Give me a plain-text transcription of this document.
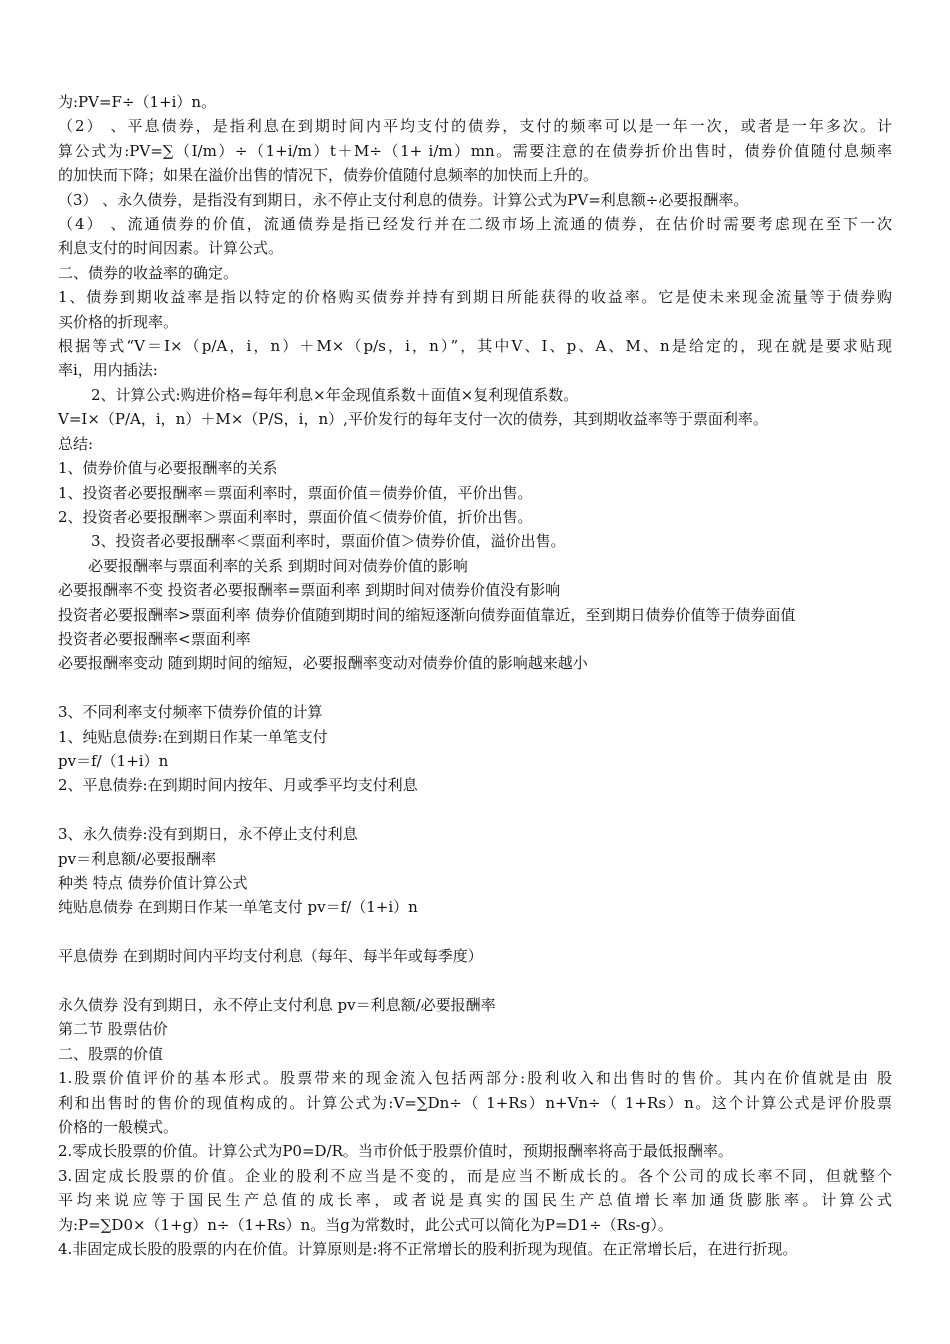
为:PV=F÷（1+i）n。
（2） 、平息债券，是指利息在到期时间内平均支付的债券，支付的频率可以是一年一次，或者是一年多次。计
算公式为:PV=∑（I/m）÷（1+i/m）t＋M÷（1+ i/m）mn。需要注意的在债券折价出售时，债券价值随付息频率
的加快而下降；如果在溢价出售的情况下，债券价值随付息频率的加快而上升的。
（3） 、永久债券，是指没有到期日，永不停止支付利息的债券。计算公式为PV=利息额÷必要报酬率。
（4） 、流通债券的价值，流通债券是指已经发行并在二级市场上流通的债券，在估价时需要考虑现在至下一次
利息支付的时间因素。计算公式。
二、债券的收益率的确定。
1、债券到期收益率是指以特定的价格购买债券并持有到期日所能获得的收益率。它是使未来现金流量等于债券购
买价格的折现率。
根据等式“V＝I×（p/A，i，n）＋M×（p/s，i，n）”，其中V、I、p、A、M、n是给定的，现在就是要求贴现
率i，用内插法:
2、计算公式:购进价格=每年利息×年金现值系数＋面值×复利现值系数。
V=I×（P/A，i，n）＋M×（P/S，i，n）,平价发行的每年支付一次的债券，其到期收益率等于票面利率。
总结:
1、债券价值与必要报酬率的关系
1、投资者必要报酬率＝票面利率时，票面价值＝债券价值，平价出售。
2、投资者必要报酬率＞票面利率时，票面价值＜债券价值，折价出售。
3、投资者必要报酬率＜票面利率时，票面价值＞债券价值，溢价出售。
必要报酬率与票面利率的关系 到期时间对债券价值的影响
必要报酬率不变 投资者必要报酬率=票面利率 到期时间对债券价值没有影响
投资者必要报酬率>票面利率 债券价值随到期时间的缩短逐渐向债券面值靠近，至到期日债券价值等于债券面值
投资者必要报酬率<票面利率
必要报酬率变动 随到期时间的缩短，必要报酬率变动对债券价值的影响越来越小
3、不同利率支付频率下债券价值的计算
1、纯贴息债券:在到期日作某一单笔支付
pv＝f/（1+i）n
2、平息债券:在到期时间内按年、月或季平均支付利息
3、永久债券:没有到期日，永不停止支付利息
pv＝利息额/必要报酬率
种类 特点 债券价值计算公式
纯贴息债券 在到期日作某一单笔支付 pv＝f/（1+i）n
平息债券 在到期时间内平均支付利息（每年、每半年或每季度）
永久债券 没有到期日，永不停止支付利息 pv＝利息额/必要报酬率
第二节 股票估价
二、股票的价值
1.股票价值评价的基本形式。股票带来的现金流入包括两部分:股利收入和出售时的售价。其内在价值就是由 股
利和出售时的售价的现值构成的。计算公式为:V=∑Dn÷（ 1+Rs）n+Vn÷（ 1+Rs）n。这个计算公式是评价股票
价格的一般模式。
2.零成长股票的价值。计算公式为P0=D/R。当市价低于股票价值时，预期报酬率将高于最低报酬率。
3.固定成长股票的价值。企业的股利不应当是不变的，而是应当不断成长的。各个公司的成长率不同，但就整个
平均来说应等于国民生产总值的成长率，或者说是真实的国民生产总值增长率加通货膨胀率。计算公式
为:P=∑D0×（1+g）n÷（1+Rs）n。当g为常数时，此公式可以简化为P=D1÷（Rs-g）。
4.非固定成长股的股票的内在价值。计算原则是:将不正常增长的股利折现为现值。在正常增长后，在进行折现。
